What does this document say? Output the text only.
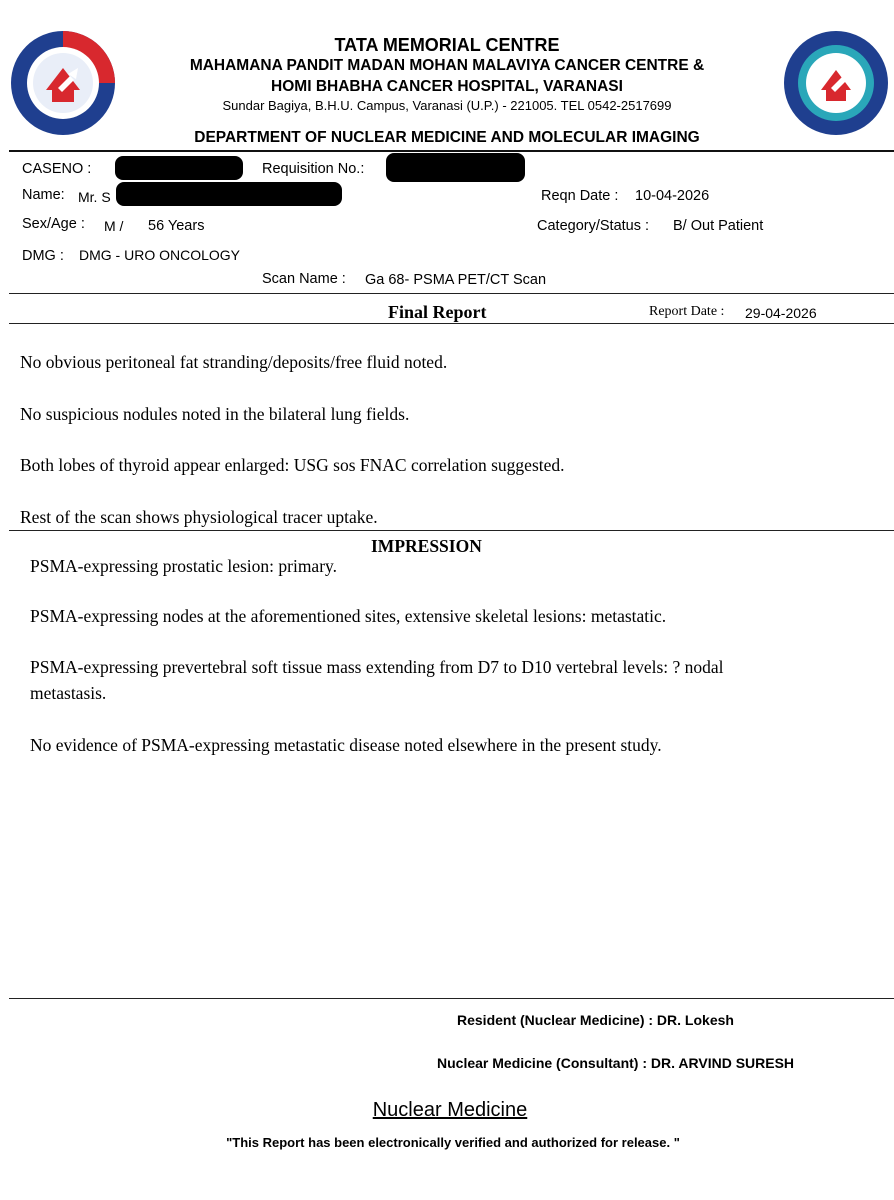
TATA MEMORIAL CENTRE
MAHAMANA PANDIT MADAN MOHAN MALAVIYA CANCER CENTRE &
HOMI BHABHA CANCER HOSPITAL, VARANASI
Sundar Bagiya, B.H.U. Campus, Varanasi (U.P.) - 221005. TEL 0542-2517699
DEPARTMENT OF NUCLEAR MEDICINE AND MOLECULAR IMAGING
CASENO :	Requisition No.:
Name: Mr. S	Reqn Date : 10-04-2026
Sex/Age : M / 56 Years	Category/Status : B/ Out Patient
DMG : DMG - URO ONCOLOGY
Scan Name : Ga 68- PSMA PET/CT Scan
Final Report	Report Date : 29-04-2026
No obvious peritoneal fat stranding/deposits/free fluid noted.
No suspicious nodules noted in the bilateral lung fields.
Both lobes of thyroid appear enlarged: USG sos FNAC correlation suggested.
Rest of the scan shows physiological tracer uptake.
IMPRESSION
PSMA-expressing prostatic lesion: primary.
PSMA-expressing nodes at the aforementioned sites, extensive skeletal lesions: metastatic.
PSMA-expressing prevertebral soft tissue mass extending from D7 to D10 vertebral levels: ? nodal
metastasis.
No evidence of PSMA-expressing metastatic disease noted elsewhere in the present study.
Resident (Nuclear Medicine) : DR. Lokesh
Nuclear Medicine (Consultant) : DR. ARVIND SURESH
Nuclear Medicine
"This Report has been electronically verified and authorized for release. "
